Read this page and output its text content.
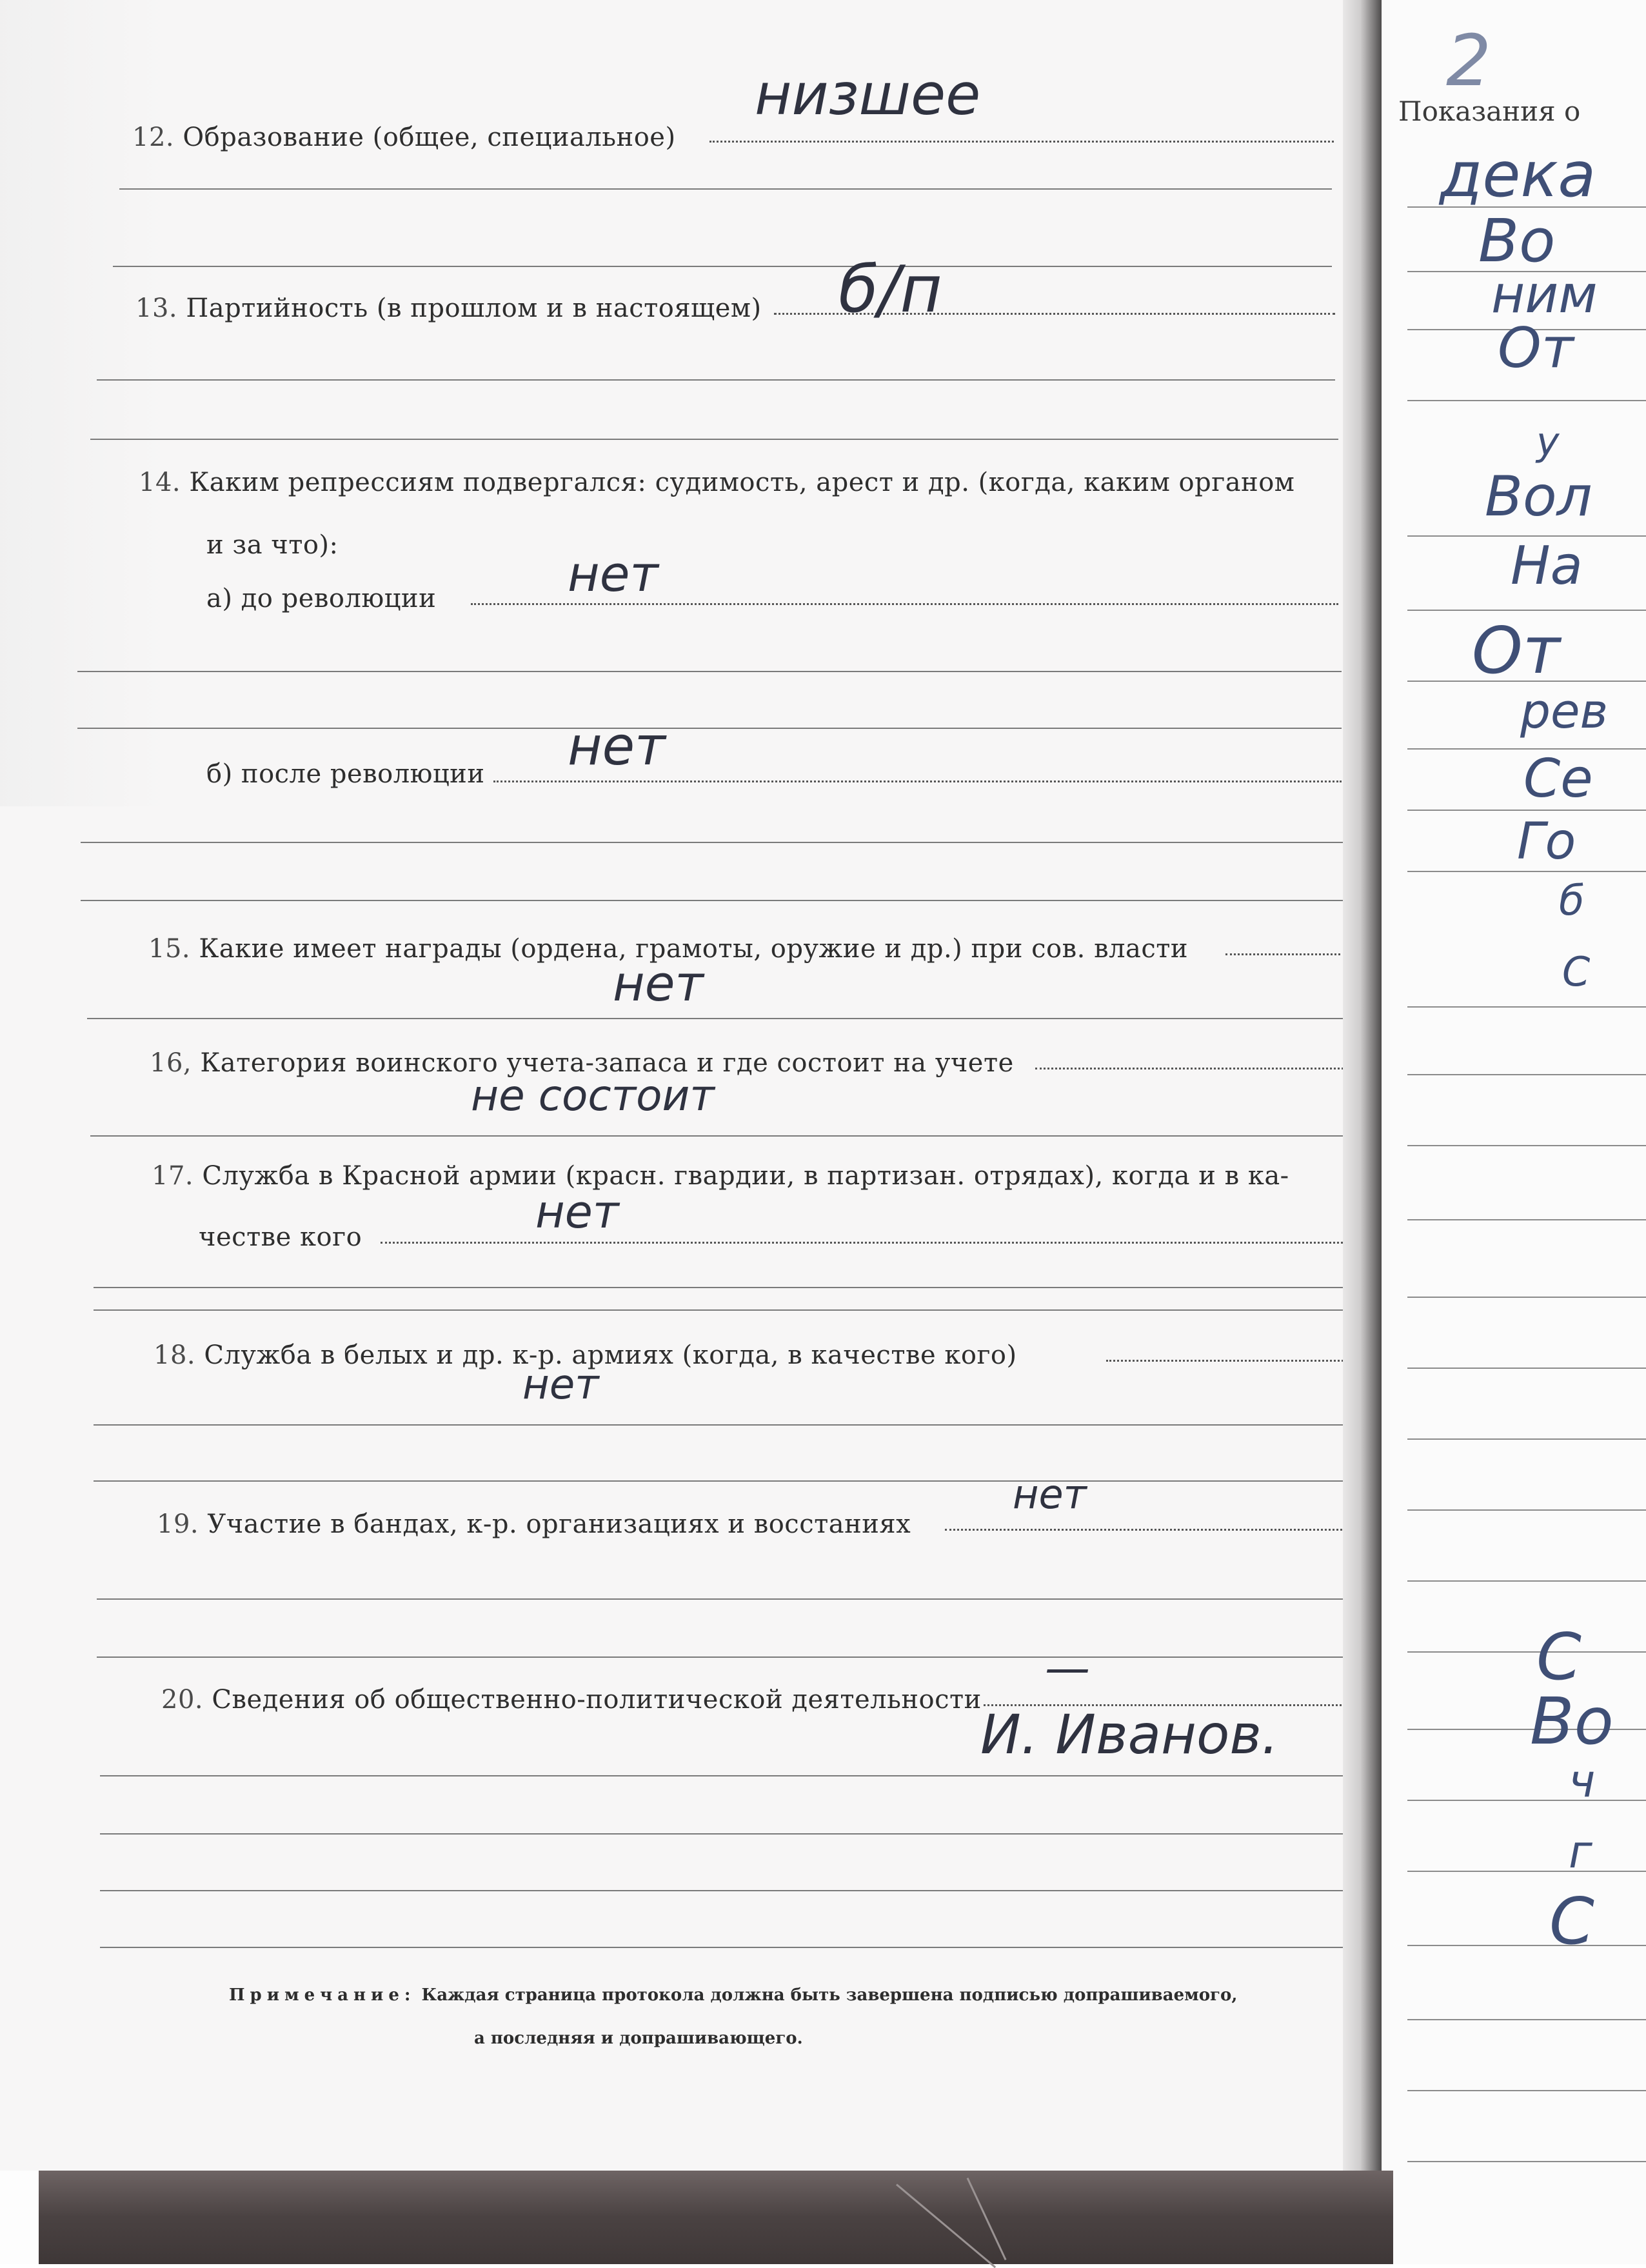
12. Образование (общее, специальное)
низшее
13. Партийность (в прошлом и в настоящем) б/п
14. Каким репрессиям подвергался: судимость, арест и др. (когда, каким органом
и за что):
а) до революции	нет
б) после революции нет
15. Какие имеет награды (ордена, грамоты, оружие и др.) при сов. власти
нет
16, Категория воинского учета-запаса и где состоит на учете
не состоит
17. Служба в Красной армии (красн. гвардии, в партизан. отрядах), когда и в ка-
честве кого	нет
18. Служба в белых и др. к-р. армиях (когда, в качестве кого)
нет
19. Участие в бандах, к-р. организациях и восстаниях
нет
20. Сведения об общественно-политической деятельности
—
И. Иванов.
Примечание: Каждая страница протокола должна быть завершена подписью допрашиваемого,
а последняя и допрашивающего.
2
Показания о
дека
Во
ним
От
у
Вол
На
От
рев
Се
Го
б
С
С
Во
ч
г
С
